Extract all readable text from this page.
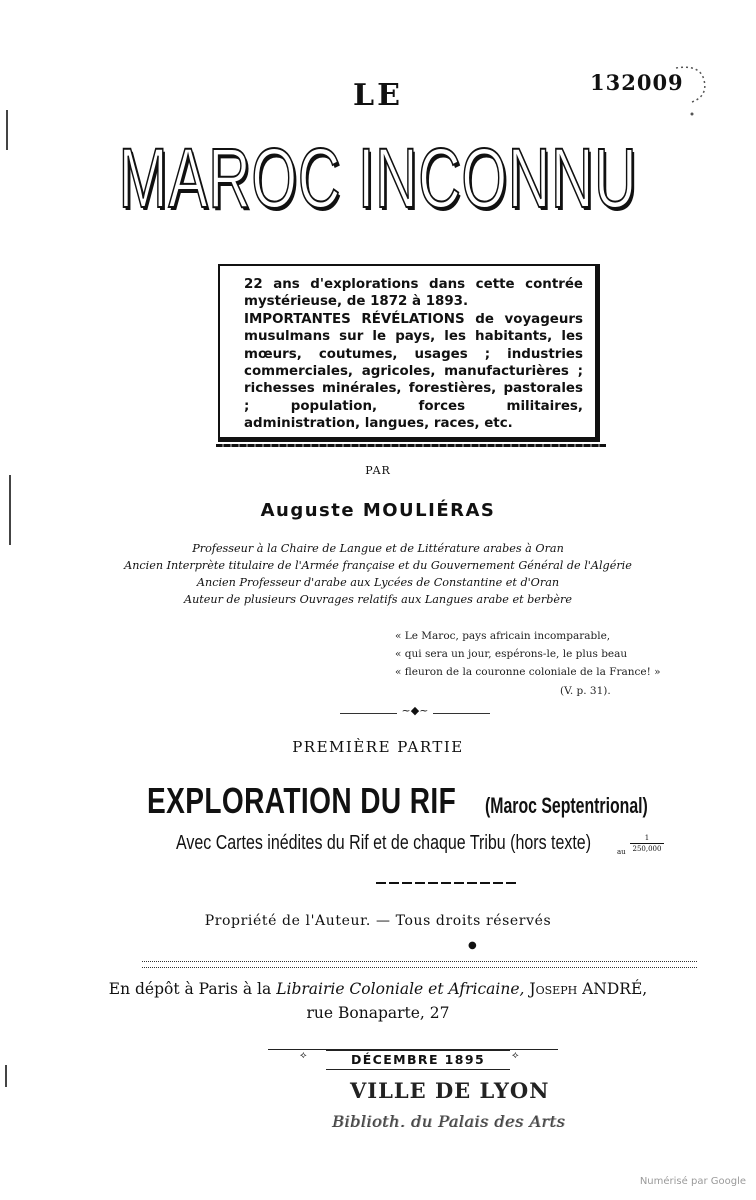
132009
LE
MAROC INCONNU

22 ans d'explorations dans cette contrée mystérieuse, de 1872 à 1893.

IMPORTANTES RÉVÉLATIONS de voyageurs musulmans sur le pays, les habitants, les mœurs, coutumes, usages ; industries commerciales, agricoles, manufacturières ; richesses minérales, forestières, pastorales ; population, forces militaires, administration, langues, races, etc.

PAR
Auguste MOULIÉRAS
Professeur à la Chaire de Langue et de Littérature arabes à Oran
Ancien Interprète titulaire de l'Armée française et du Gouvernement Général de l'Algérie
Ancien Professeur d'arabe aux Lycées de Constantine et d'Oran
Auteur de plusieurs Ouvrages relatifs aux Langues arabe et berbère
« Le Maroc, pays africain incomparable,
« qui sera un jour, espérons-le, le plus beau
« fleuron de la couronne coloniale de la France! »
(V. p. 31).
~◆~
PREMIÈRE PARTIE
EXPLORATION DU RIF (Maroc Septentrional)
Avec Cartes inédites du Rif et de chaque Tribu (hors texte)	au $\frac{1}{250,000}$
Propriété de l'Auteur. — Tous droits réservés
●
En dépôt à Paris à la Librairie Coloniale et Africaine, Joseph ANDRÉ,
rue Bonaparte, 27
⟡	DÉCEMBRE 1895	⟡
VILLE DE LYON
Biblioth. du Palais des Arts
Numérisé par Google
